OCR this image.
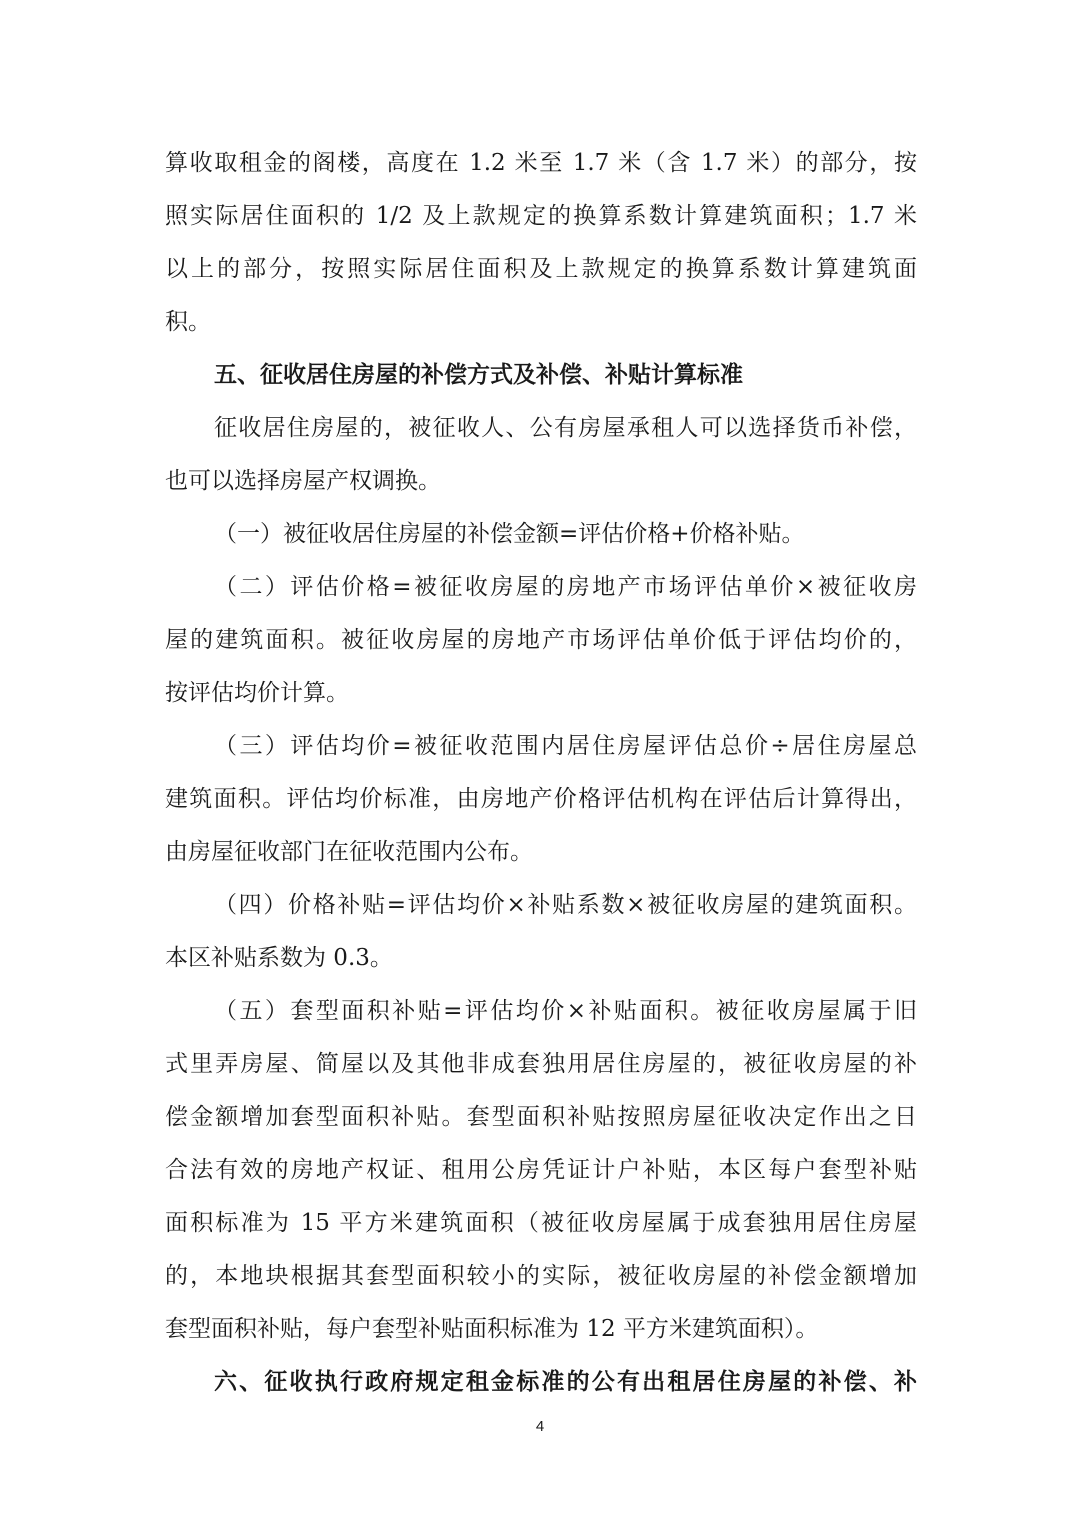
算收取租金的阁楼，高度在 1.2 米至 1.7 米（含 1.7 米）的部分，按
照实际居住面积的 1/2 及上款规定的换算系数计算建筑面积；1.7 米
以上的部分，按照实际居住面积及上款规定的换算系数计算建筑面
积。
五、征收居住房屋的补偿方式及补偿、补贴计算标准
征收居住房屋的，被征收人、公有房屋承租人可以选择货币补偿，
也可以选择房屋产权调换。
（一）被征收居住房屋的补偿金额=评估价格+价格补贴。
（二）评估价格=被征收房屋的房地产市场评估单价×被征收房
屋的建筑面积。被征收房屋的房地产市场评估单价低于评估均价的，
按评估均价计算。
（三）评估均价=被征收范围内居住房屋评估总价÷居住房屋总
建筑面积。评估均价标准，由房地产价格评估机构在评估后计算得出，
由房屋征收部门在征收范围内公布。
（四）价格补贴=评估均价×补贴系数×被征收房屋的建筑面积。
本区补贴系数为 0.3。
（五）套型面积补贴=评估均价×补贴面积。被征收房屋属于旧
式里弄房屋、简屋以及其他非成套独用居住房屋的，被征收房屋的补
偿金额增加套型面积补贴。套型面积补贴按照房屋征收决定作出之日
合法有效的房地产权证、租用公房凭证计户补贴，本区每户套型补贴
面积标准为 15 平方米建筑面积（被征收房屋属于成套独用居住房屋
的，本地块根据其套型面积较小的实际，被征收房屋的补偿金额增加
套型面积补贴，每户套型补贴面积标准为 12 平方米建筑面积）。
六、征收执行政府规定租金标准的公有出租居住房屋的补偿、补
4
